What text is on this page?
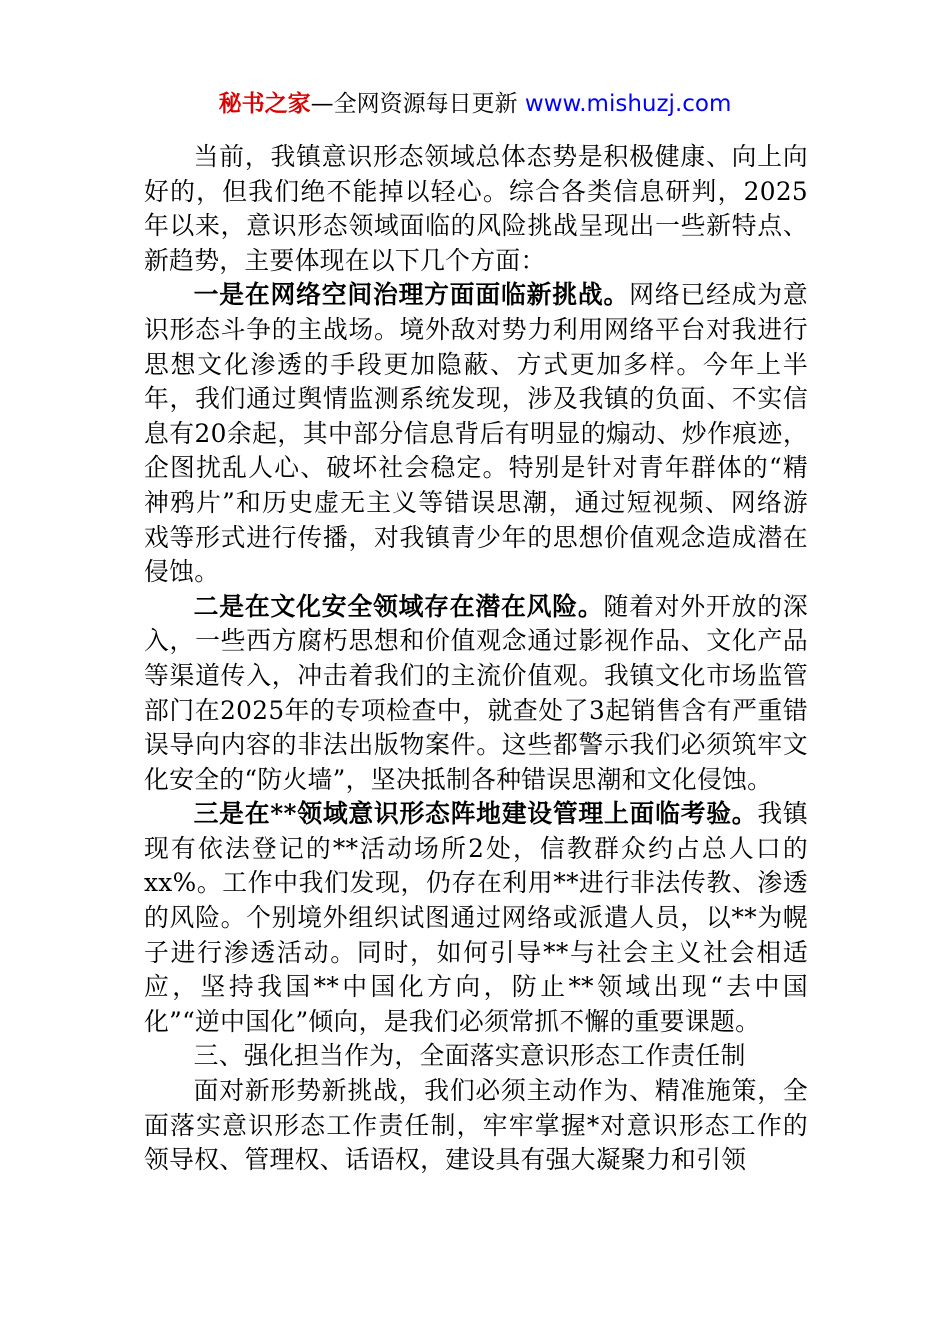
秘书之家—全网资源每日更新 www.mishuzj.com

当前，我镇意识形态领域总体态势是积极健康、向上向好的，但我们绝不能掉以轻心。综合各类信息研判，2025年以来，意识形态领域面临的风险挑战呈现出一些新特点、新趋势，主要体现在以下几个方面：

一是在网络空间治理方面面临新挑战。网络已经成为意识形态斗争的主战场。境外敌对势力利用网络平台对我进行思想文化渗透的手段更加隐蔽、方式更加多样。今年上半年，我们通过舆情监测系统发现，涉及我镇的负面、不实信息有20余起，其中部分信息背后有明显的煽动、炒作痕迹，企图扰乱人心、破坏社会稳定。特别是针对青年群体的“精神鸦片”和历史虚无主义等错误思潮，通过短视频、网络游戏等形式进行传播，对我镇青少年的思想价值观念造成潜在侵蚀。

二是在文化安全领域存在潜在风险。随着对外开放的深入，一些西方腐朽思想和价值观念通过影视作品、文化产品等渠道传入，冲击着我们的主流价值观。我镇文化市场监管部门在2025年的专项检查中，就查处了3起销售含有严重错误导向内容的非法出版物案件。这些都警示我们必须筑牢文化安全的“防火墙”，坚决抵制各种错误思潮和文化侵蚀。

三是在**领域意识形态阵地建设管理上面临考验。我镇现有依法登记的**活动场所2处，信教群众约占总人口的xx%。工作中我们发现，仍存在利用**进行非法传教、渗透的风险。个别境外组织试图通过网络或派遣人员，以**为幌子进行渗透活动。同时，如何引导**与社会主义社会相适应，坚持我国**中国化方向，防止**领域出现“去中国化”“逆中国化”倾向，是我们必须常抓不懈的重要课题。

三、强化担当作为，全面落实意识形态工作责任制

面对新形势新挑战，我们必须主动作为、精准施策，全面落实意识形态工作责任制，牢牢掌握*对意识形态工作的领导权、管理权、话语权，建设具有强大凝聚力和引领
